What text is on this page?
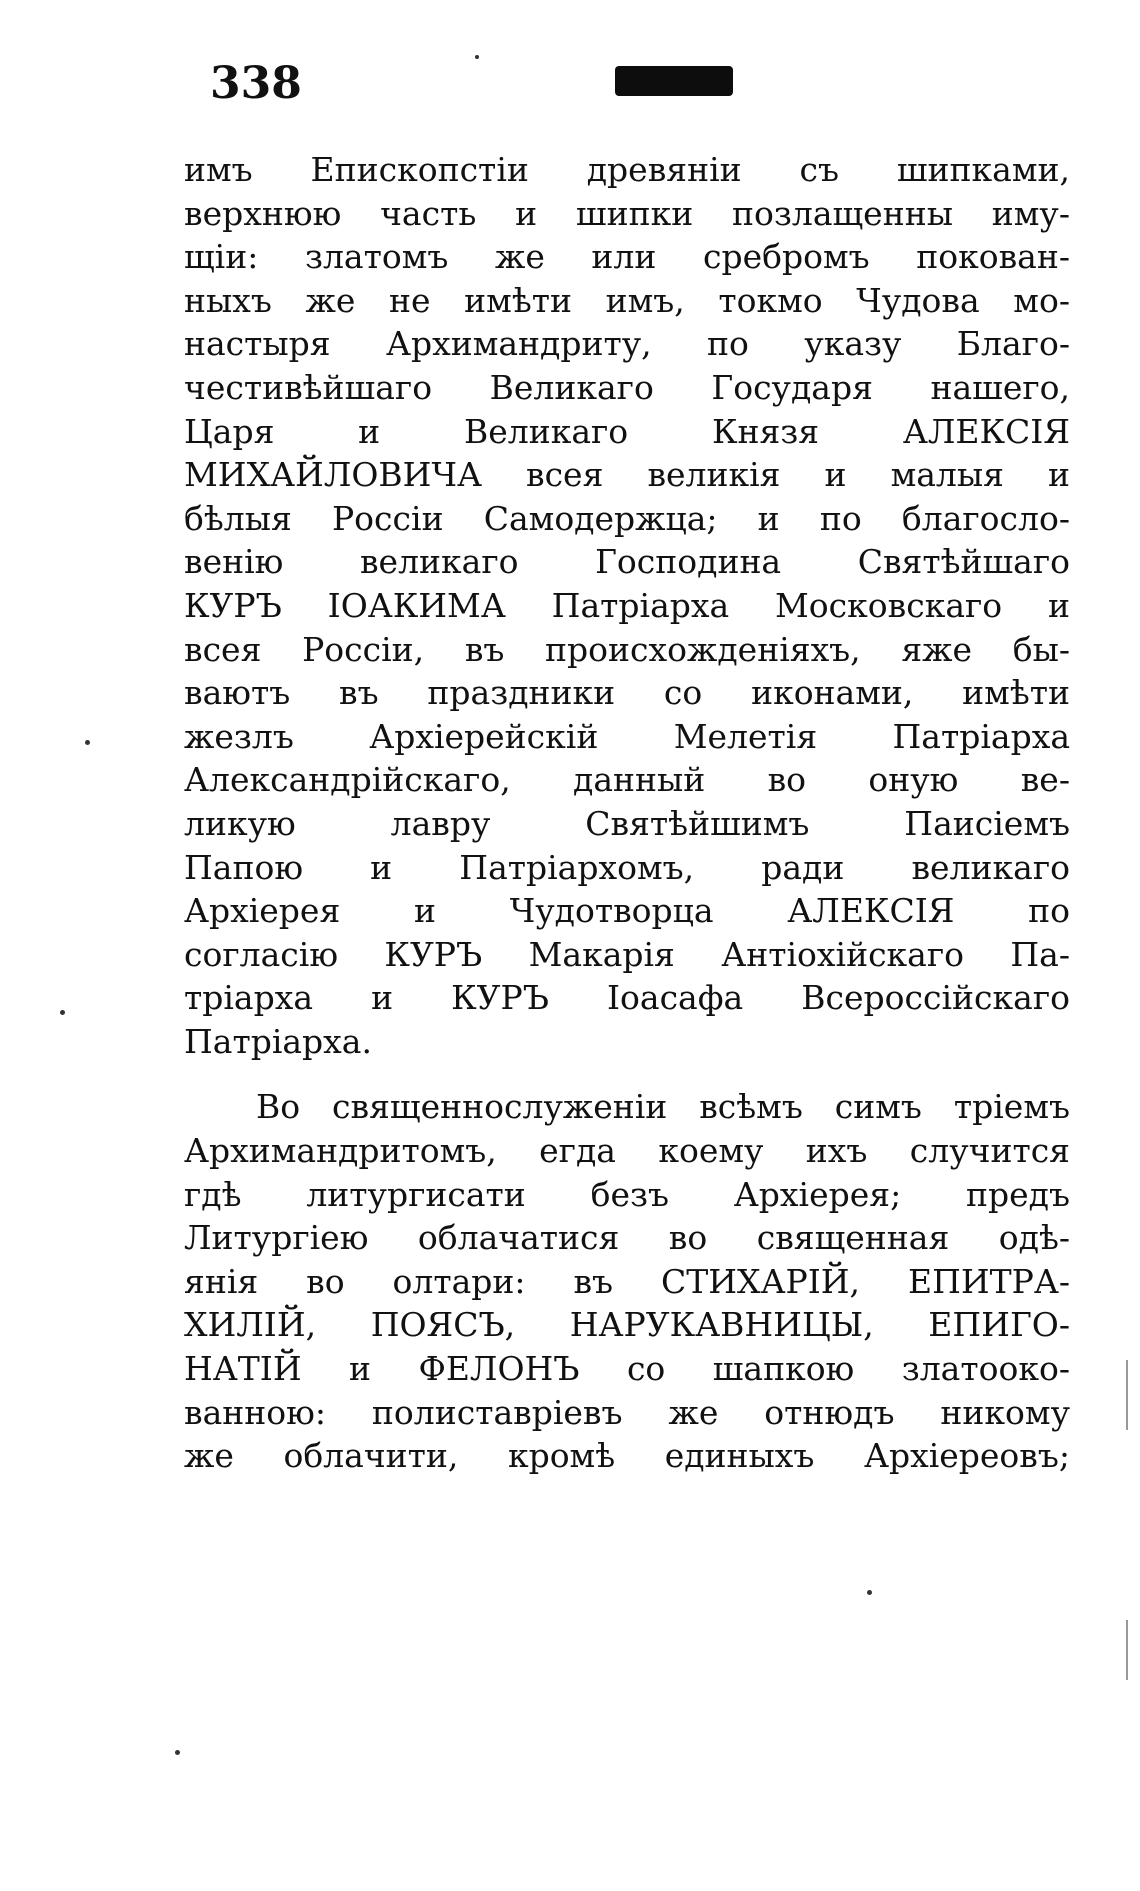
338
имъ Епископстіи древяніи съ шипками,
верхнюю часть и шипки позлащенны иму-
щіи: златомъ же или сребромъ покован-
ныхъ же не имѣти имъ, токмо Чудова мо-
настыря Архимандриту, по указу Благо-
честивѣйшаго Великаго Государя нашего,
Царя и Великаго Князя АЛЕКСІЯ
МИХАЙЛОВИЧА всея великія и малыя и
бѣлыя Россіи Самодержца; и по благосло-
венію великаго Господина Святѣйшаго
КУРЪ ІОАКИМА Патріарха Московскаго и
всея Россіи, въ происхожденіяхъ, яже бы-
ваютъ въ праздники со иконами, имѣти
жезлъ Архіерейскій Мелетія Патріарха
Александрійскаго, данный во оную ве-
ликую лавру Святѣйшимъ Паисіемъ
Папою и Патріархомъ, ради великаго
Архіерея и Чудотворца АЛЕКСІЯ по
согласію КУРЪ Макарія Антіохійскаго Па-
тріарха и КУРЪ Іоасафа Всероссійскаго
Патріарха.
Во священнослуженіи всѣмъ симъ тріемъ
Архимандритомъ, егда коему ихъ случится
гдѣ литургисати безъ Архіерея; предъ
Литургіею облачатися во священная одѣ-
янія во олтари: въ СТИХАРІЙ, ЕПИТРА-
ХИЛІЙ, ПОЯСЪ, НАРУКАВНИЦЫ, ЕПИГО-
НАТІЙ и ФЕЛОНЪ со шапкою златоокo-
ванною: полиставріевъ же отнюдъ никому
же облачити, кромѣ единыхъ Архіереовъ;
